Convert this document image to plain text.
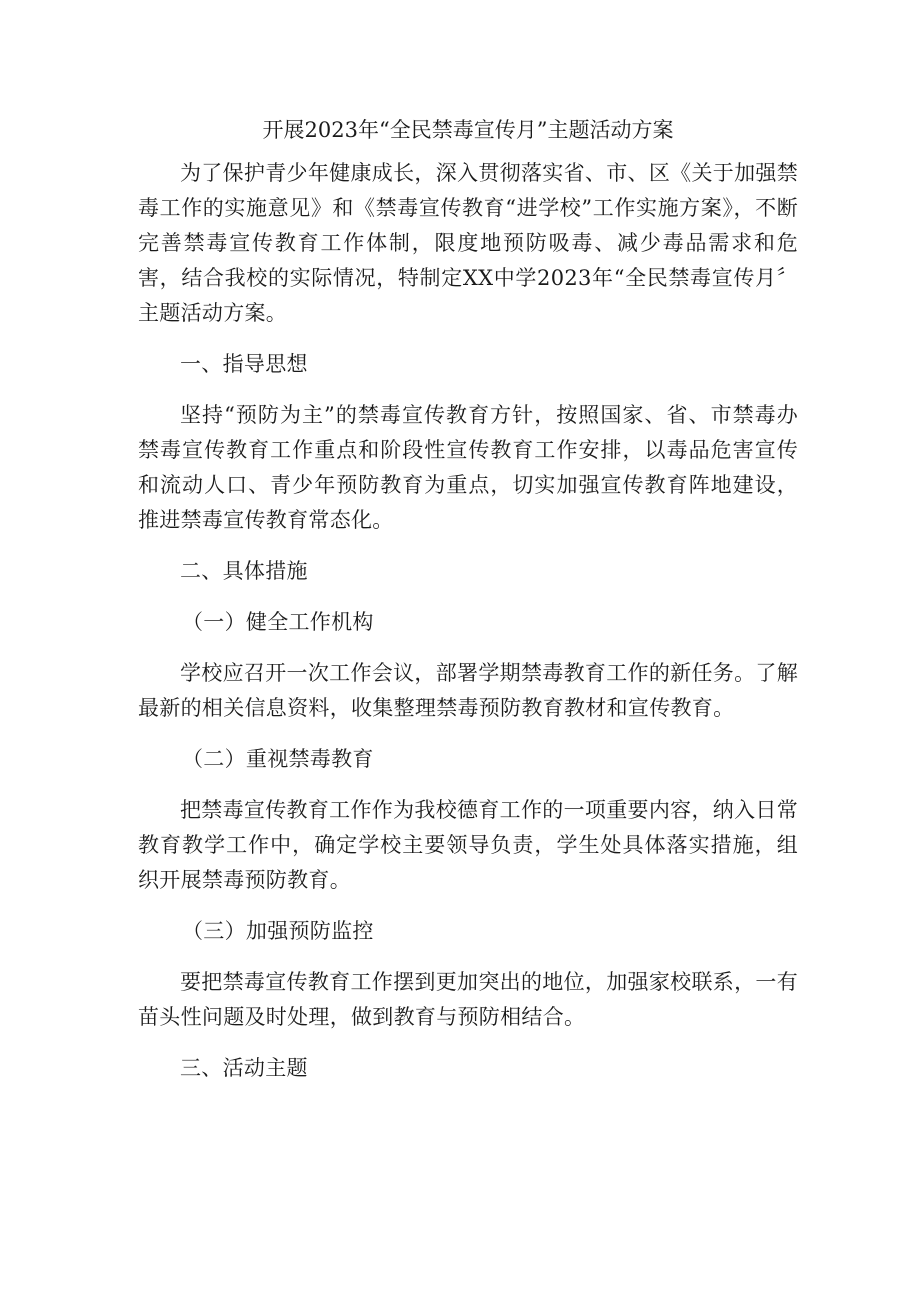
开展2023年“全民禁毒宣传月”主题活动方案

为了保护青少年健康成长，深入贯彻落实省、市、区《关于加强禁毒工作的实施意见》和《禁毒宣传教育“进学校”工作实施方案》，不断完善禁毒宣传教育工作体制，限度地预防吸毒、减少毒品需求和危害，结合我校的实际情况，特制定XX中学2023年“全民禁毒宣传月〞主题活动方案。

一、指导思想

坚持“预防为主”的禁毒宣传教育方针，按照国家、省、市禁毒办禁毒宣传教育工作重点和阶段性宣传教育工作安排，以毒品危害宣传和流动人口、青少年预防教育为重点，切实加强宣传教育阵地建设，推进禁毒宣传教育常态化。

二、具体措施

（一）健全工作机构

学校应召开一次工作会议，部署学期禁毒教育工作的新任务。了解最新的相关信息资料，收集整理禁毒预防教育教材和宣传教育。

（二）重视禁毒教育

把禁毒宣传教育工作作为我校德育工作的一项重要内容，纳入日常教育教学工作中，确定学校主要领导负责，学生处具体落实措施，组织开展禁毒预防教育。

（三）加强预防监控

要把禁毒宣传教育工作摆到更加突出的地位，加强家校联系，一有苗头性问题及时处理，做到教育与预防相结合。

三、活动主题
